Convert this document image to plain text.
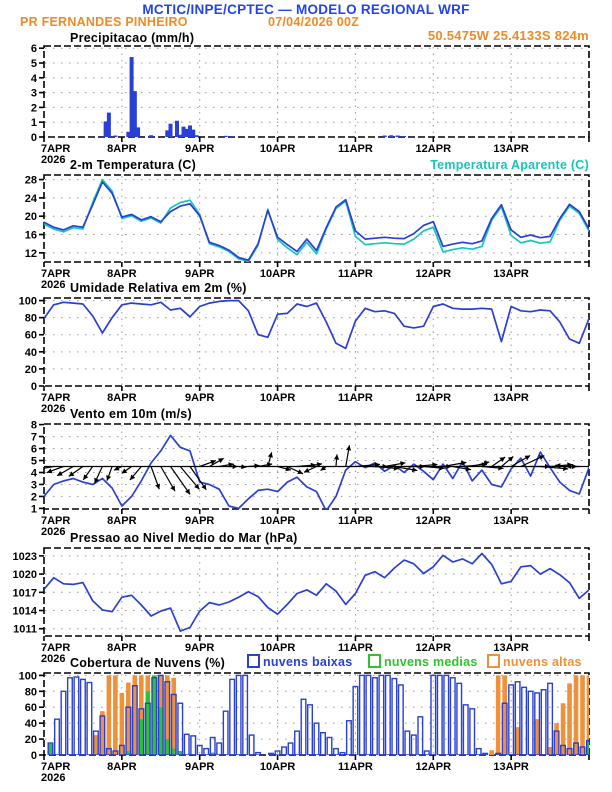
0
1
2
3
4
5
6
7APR
2026
8APR	9APR	10APR	11APR	12APR	13APR
12
16
20
24
28
7APR
2026
8APR	9APR	10APR	11APR	12APR	13APR
0
20
40
60
80
100
7APR
2026
8APR	9APR	10APR	11APR	12APR	13APR
1
2
3
4
5
6
7
8
7APR
2026
8APR	9APR	10APR	11APR	12APR	13APR
1011
1014
1017
1020
1023
7APR
2026
8APR	9APR	10APR	11APR	12APR	13APR
0
20
40
60
80
100
7APR
2026
8APR	9APR	10APR	11APR	12APR	13APR
MCTIC/INPE/CPTEC — MODELO REGIONAL WRF
PR FERNANDES PINHEIRO	07/04/2026 00Z
50.5475W 25.4133S 824m
Precipitacao (mm/h)
2-m Temperatura (C)	Temperatura Aparente (C)
Umidade Relativa em 2m (%)
Vento em 10m (m/s)
Pressao ao Nivel Medio do Mar (hPa)
Cobertura de Nuvens (%)	nuvens baixas	nuvens medias nuvens altas
